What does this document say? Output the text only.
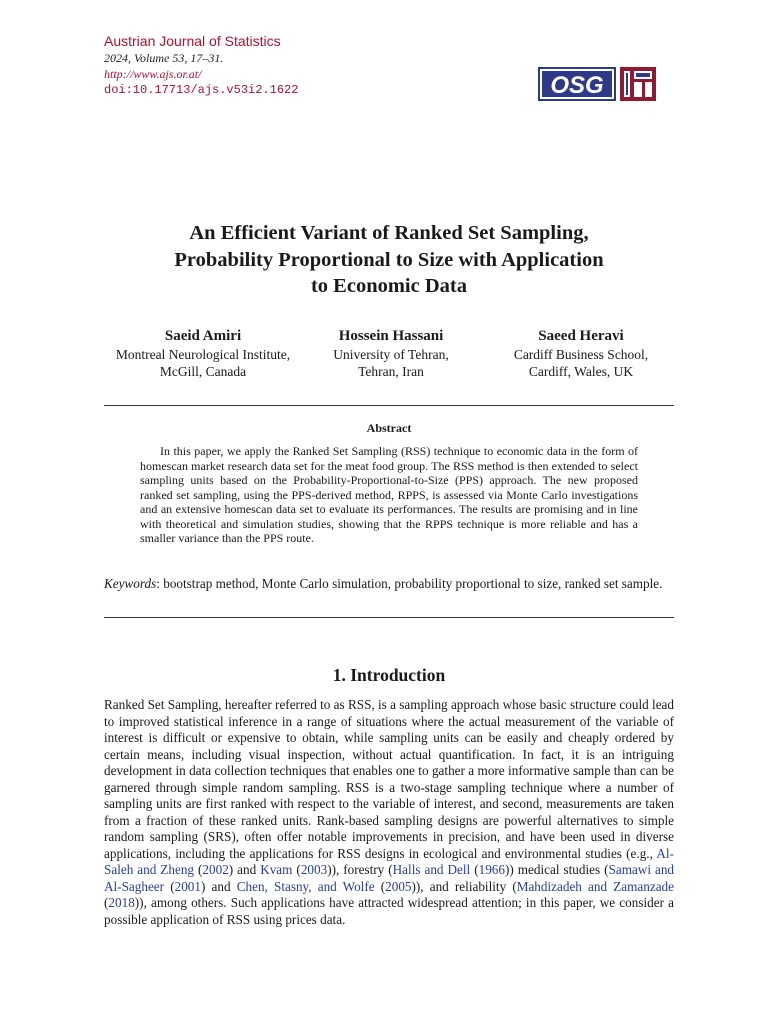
Austrian Journal of Statistics
2024, Volume 53, 17–31.
http://www.ajs.or.at/
doi:10.17713/ajs.v53i2.1622	OSG
An Efficient Variant of Ranked Set Sampling,
Probability Proportional to Size with Application
to Economic Data
Saeid Amiri
Montreal Neurological Institute,
McGill, Canada
Hossein Hassani
University of Tehran,
Tehran, Iran
Saeed Heravi
Cardiff Business School,
Cardiff, Wales, UK
Abstract

In this paper, we apply the Ranked Set Sampling (RSS) technique to economic data in the form of homescan market research data set for the meat food group. The RSS method is then extended to select sampling units based on the Probability-Proportional-to-Size (PPS) approach. The new proposed ranked set sampling, using the PPS-derived method, RPPS, is assessed via Monte Carlo investigations and an extensive homescan data set to evaluate its performances. The results are promising and in line with theoretical and simulation studies, showing that the RPPS technique is more reliable and has a smaller variance than the PPS route.

Keywords: bootstrap method, Monte Carlo simulation, probability proportional to size, ranked set sample.
1. Introduction

Ranked Set Sampling, hereafter referred to as RSS, is a sampling approach whose basic structure could lead to improved statistical inference in a range of situations where the actual measurement of the variable of interest is difficult or expensive to obtain, while sampling units can be easily and cheaply ordered by certain means, including visual inspection, without actual quantification. In fact, it is an intriguing development in data collection techniques that enables one to gather a more informative sample than can be garnered through simple random sampling. RSS is a two-stage sampling technique where a number of sampling units are first ranked with respect to the variable of interest, and second, measurements are taken from a fraction of these ranked units. Rank-based sampling designs are powerful alternatives to simple random sampling (SRS), often offer notable improvements in precision, and have been used in diverse applications, including the applications for RSS designs in ecological and environmental studies (e.g., Al-Saleh and Zheng (2002) and Kvam (2003)), forestry (Halls and Dell (1966)) medical studies (Samawi and Al-Sagheer (2001) and Chen, Stasny, and Wolfe (2005)), and reliability (Mahdizadeh and Zamanzade (2018)), among others. Such applications have attracted widespread attention; in this paper, we consider a possible application of RSS using prices data.
